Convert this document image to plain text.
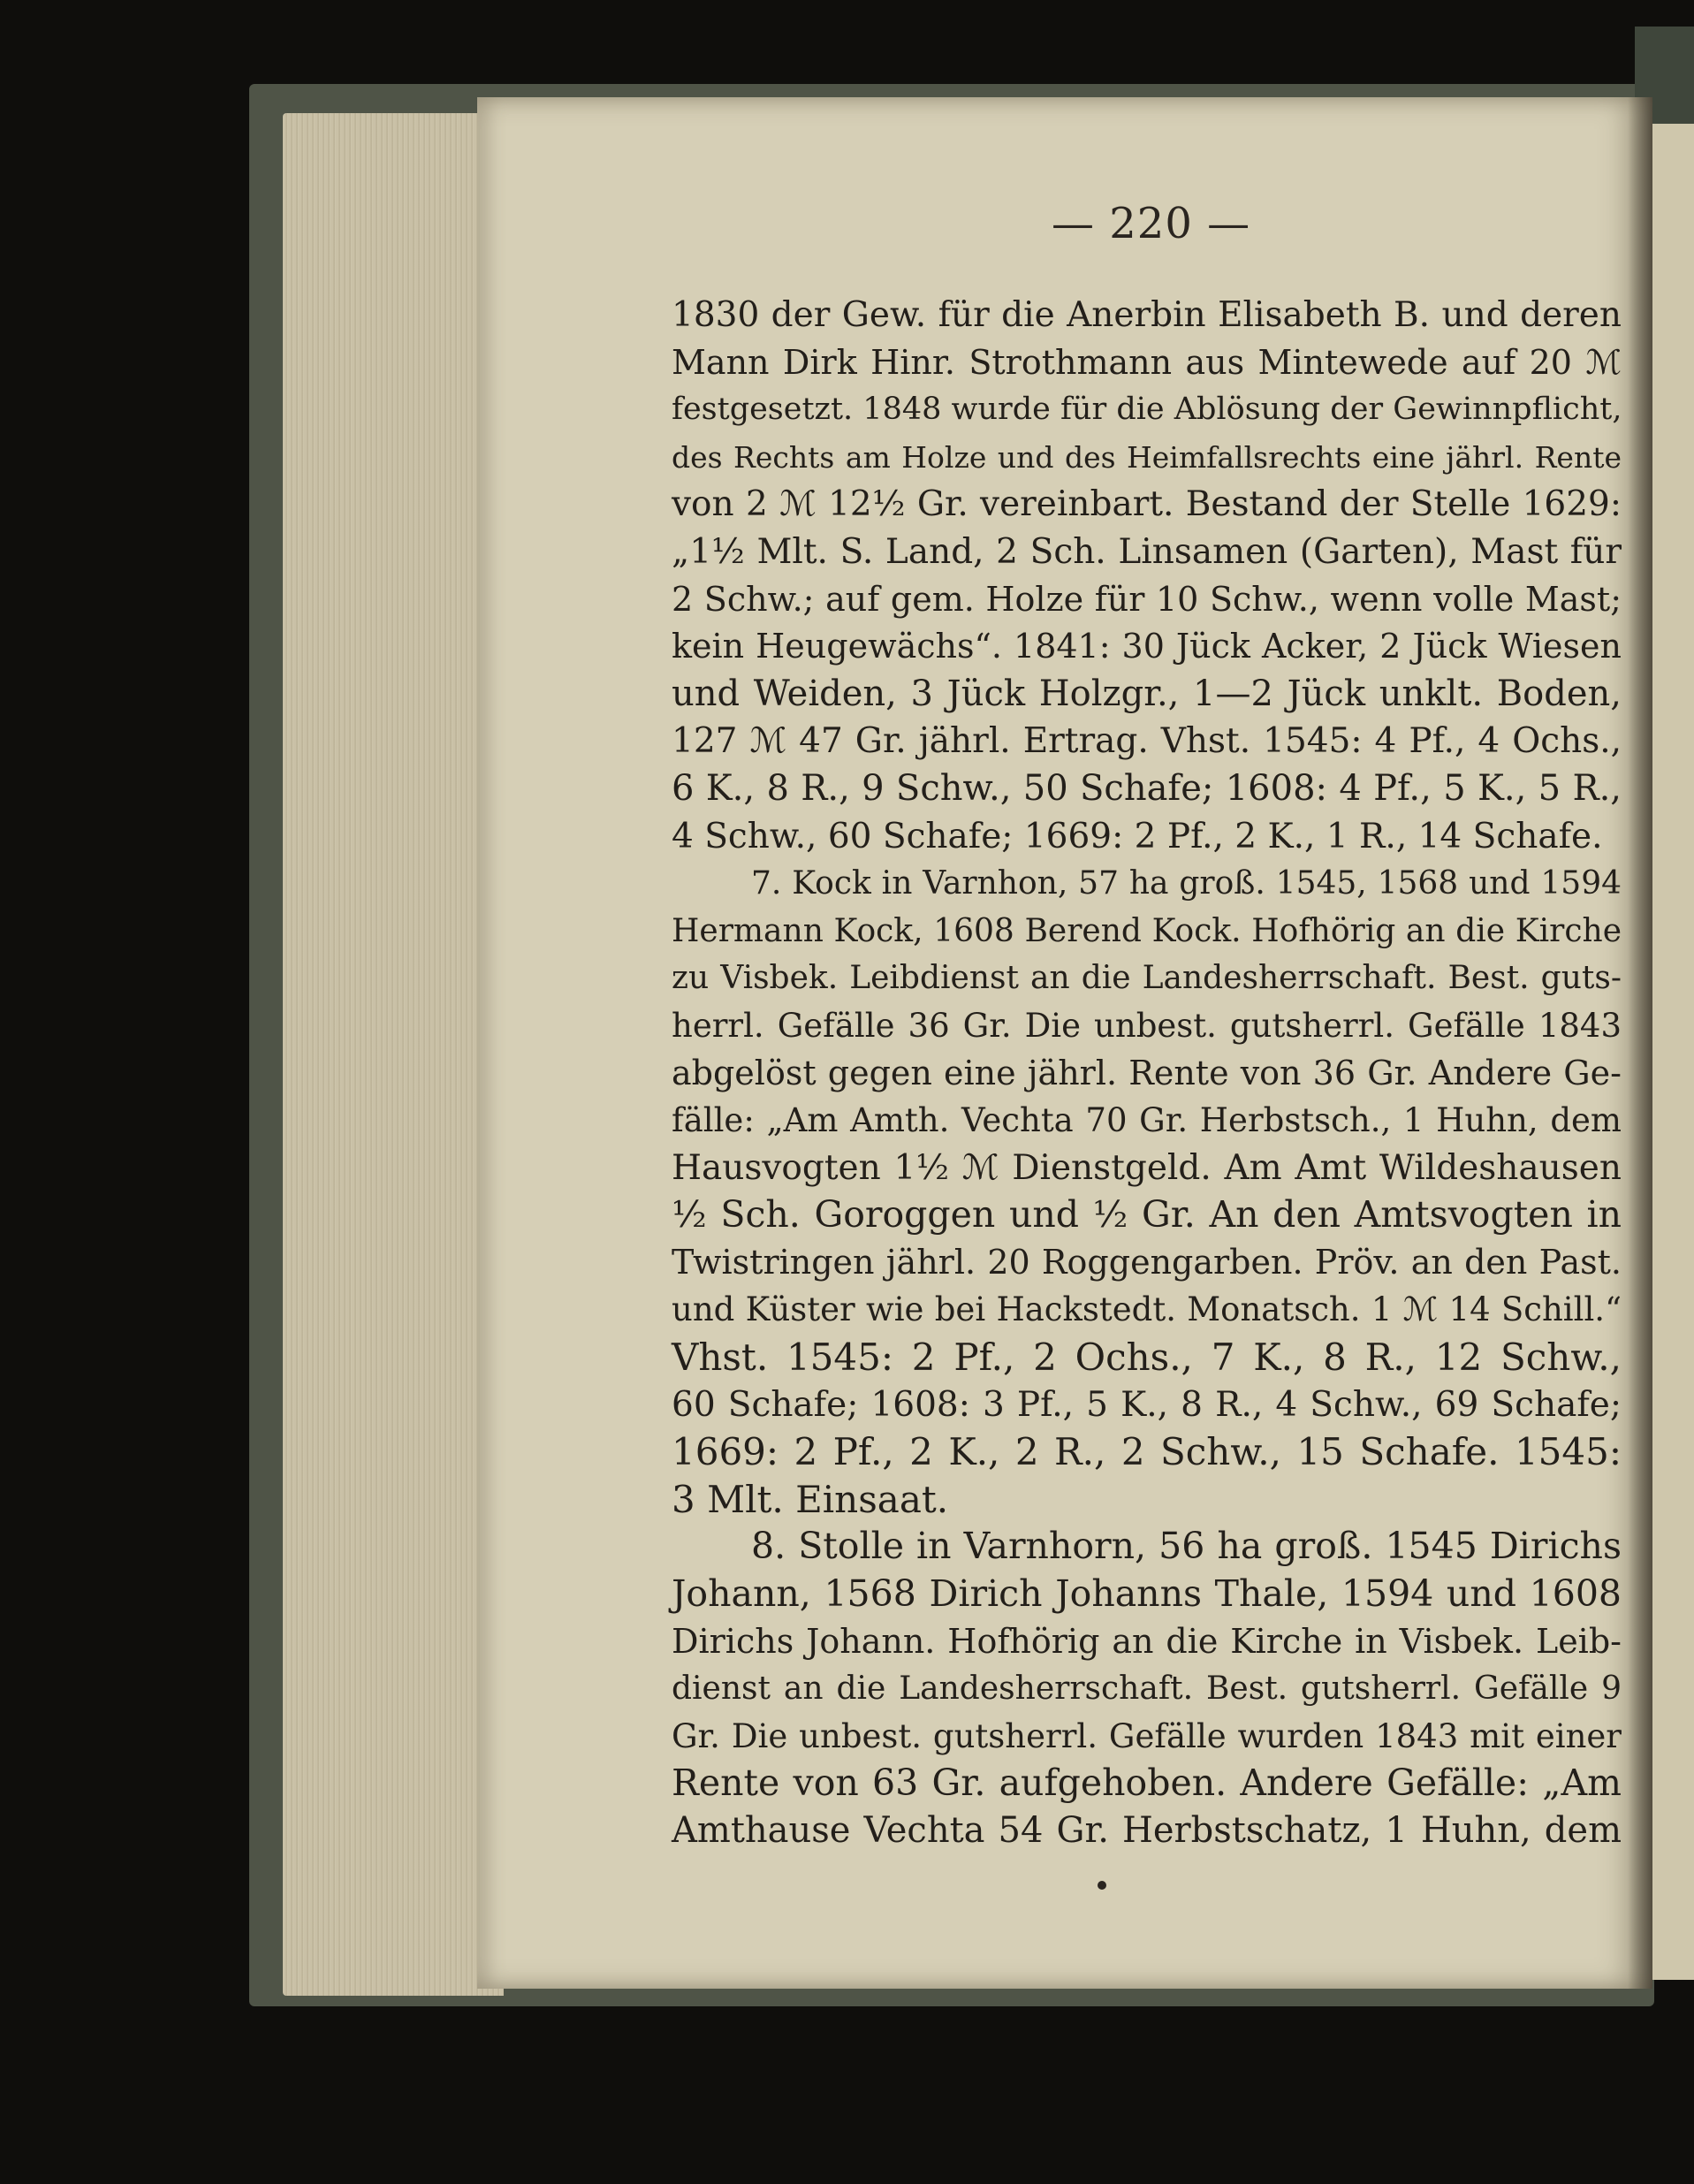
— 220 —
1830 der Gew. für die Anerbin Elisabeth B. und deren
Mann Dirk Hinr. Strothmann aus Mintewede auf 20 ℳ
festgesetzt. 1848 wurde für die Ablösung der Gewinnpflicht,
des Rechts am Holze und des Heimfallsrechts eine jährl. Rente
von 2 ℳ 12½ Gr. vereinbart. Bestand der Stelle 1629:
„1½ Mlt. S. Land, 2 Sch. Linsamen (Garten), Mast für
2 Schw.; auf gem. Holze für 10 Schw., wenn volle Mast;
kein Heugewächs“. 1841: 30 Jück Acker, 2 Jück Wiesen
und Weiden, 3 Jück Holzgr., 1—2 Jück unklt. Boden,
127 ℳ 47 Gr. jährl. Ertrag. Vhst. 1545: 4 Pf., 4 Ochs.,
6 K., 8 R., 9 Schw., 50 Schafe; 1608: 4 Pf., 5 K., 5 R.,
4 Schw., 60 Schafe; 1669: 2 Pf., 2 K., 1 R., 14 Schafe.
7. Kock in Varnhon, 57 ha groß. 1545, 1568 und 1594
Hermann Kock, 1608 Berend Kock. Hofhörig an die Kirche
zu Visbek. Leibdienst an die Landesherrschaft. Best. guts-
herrl. Gefälle 36 Gr. Die unbest. gutsherrl. Gefälle 1843
abgelöst gegen eine jährl. Rente von 36 Gr. Andere Ge-
fälle: „Am Amth. Vechta 70 Gr. Herbstsch., 1 Huhn, dem
Hausvogten 1½ ℳ Dienstgeld. Am Amt Wildeshausen
½ Sch. Goroggen und ½ Gr. An den Amtsvogten in
Twistringen jährl. 20 Roggengarben. Pröv. an den Past.
und Küster wie bei Hackstedt. Monatsch. 1 ℳ 14 Schill.“
Vhst. 1545: 2 Pf., 2 Ochs., 7 K., 8 R., 12 Schw.,
60 Schafe; 1608: 3 Pf., 5 K., 8 R., 4 Schw., 69 Schafe;
1669: 2 Pf., 2 K., 2 R., 2 Schw., 15 Schafe. 1545:
3 Mlt. Einsaat.
8. Stolle in Varnhorn, 56 ha groß. 1545 Dirichs
Johann, 1568 Dirich Johanns Thale, 1594 und 1608
Dirichs Johann. Hofhörig an die Kirche in Visbek. Leib-
dienst an die Landesherrschaft. Best. gutsherrl. Gefälle 9
Gr. Die unbest. gutsherrl. Gefälle wurden 1843 mit einer
Rente von 63 Gr. aufgehoben. Andere Gefälle: „Am
Amthause Vechta 54 Gr. Herbstschatz, 1 Huhn, dem
